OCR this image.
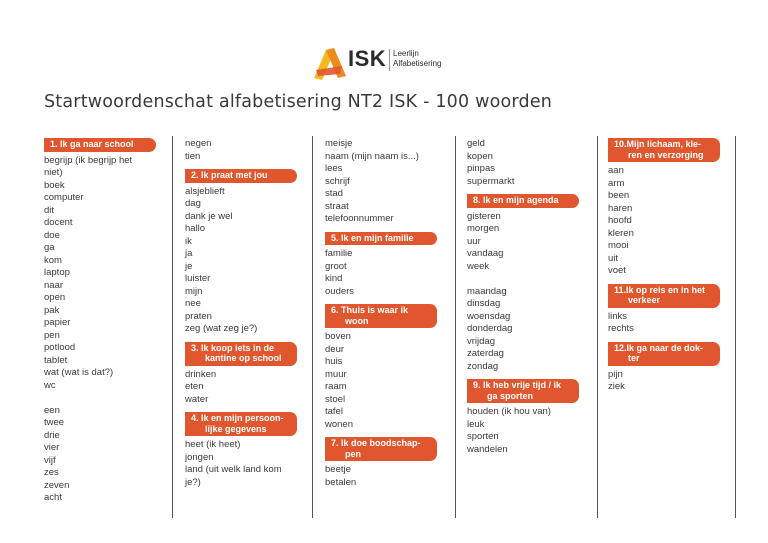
ISK Leerlijn
Alfabetisering
Startwoordenschat alfabetisering NT2 ISK - 100 woorden
1. Ik ga naar school
begrijp (ik begrijp het
niet)
boek
computer
dit
docent
doe
ga
kom
laptop
naar
open
pak
papier
pen
potlood
tablet
wat (wat is dat?)
wc
een
twee
drie
vier
vijf
zes
zeven
acht
negen
tien
2. Ik praat met jou
alsjeblieft
dag
dank je wel
hallo
ik
ja
je
luister
mijn
nee
praten
zeg (wat zeg je?)
3. Ik koop iets in de
kantine op school
drinken
eten
water
4. Ik en mijn persoon-
lijke gegevens
heet (ik heet)
jongen
land (uit welk land kom
je?)
meisje
naam (mijn naam is...)
lees
schrijf
stad
straat
telefoonnummer
5. Ik en mijn familie
familie
groot
kind
ouders
6. Thuis is waar ik
woon
boven
deur
huis
muur
raam
stoel
tafel
wonen
7. Ik doe boodschap-
pen
beetje
betalen
geld
kopen
pinpas
supermarkt
8. Ik en mijn agenda
gisteren
morgen
uur
vandaag
week
maandag
dinsdag
woensdag
donderdag
vrijdag
zaterdag
zondag
9. Ik heb vrije tijd / ik
ga sporten
houden (ik hou van)
leuk
sporten
wandelen
10.Mijn lichaam, kle-
ren en verzorging
aan
arm
been
haren
hoofd
kleren
mooi
uit
voet
11.Ik op reis en in het
verkeer
links
rechts
12.Ik ga naar de dok-
ter
pijn
ziek
